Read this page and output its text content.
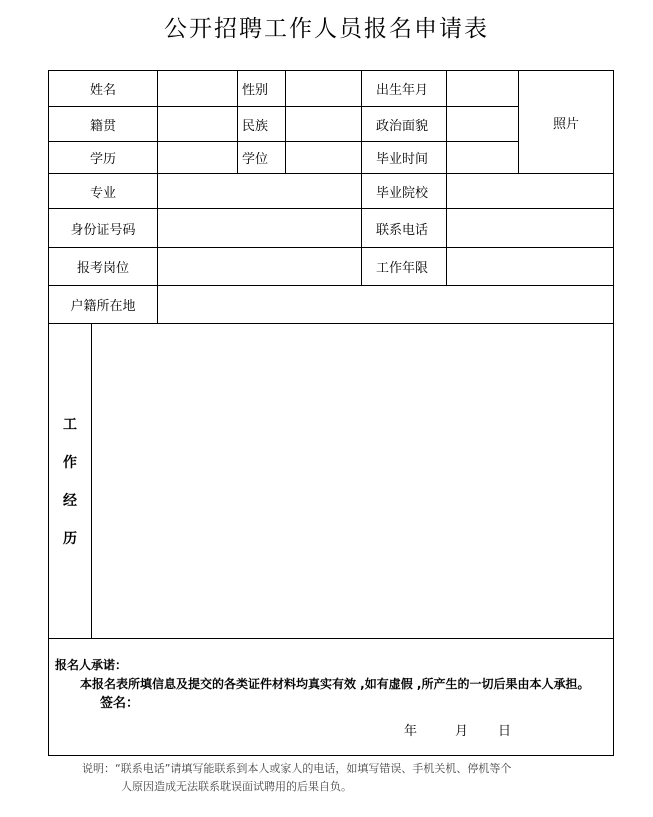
公开招聘工作人员报名申请表
姓名	性别	出生年月
照片
籍贯	民族	政治面貌
学历	学位	毕业时间
专业	毕业院校
身份证号码	联系电话
报考岗位	工作年限
户籍所在地
工
作
经
历
报名人承诺：
本报名表所填信息及提交的各类证件材料均真实有效 ,如有虚假 ,所产生的一切后果由本人承担。
签名：
年	月 日
说明：“联系电话”请填写能联系到本人或家人的电话，如填写错误、手机关机、停机等个
人原因造成无法联系耽误面试聘用的后果自负。
